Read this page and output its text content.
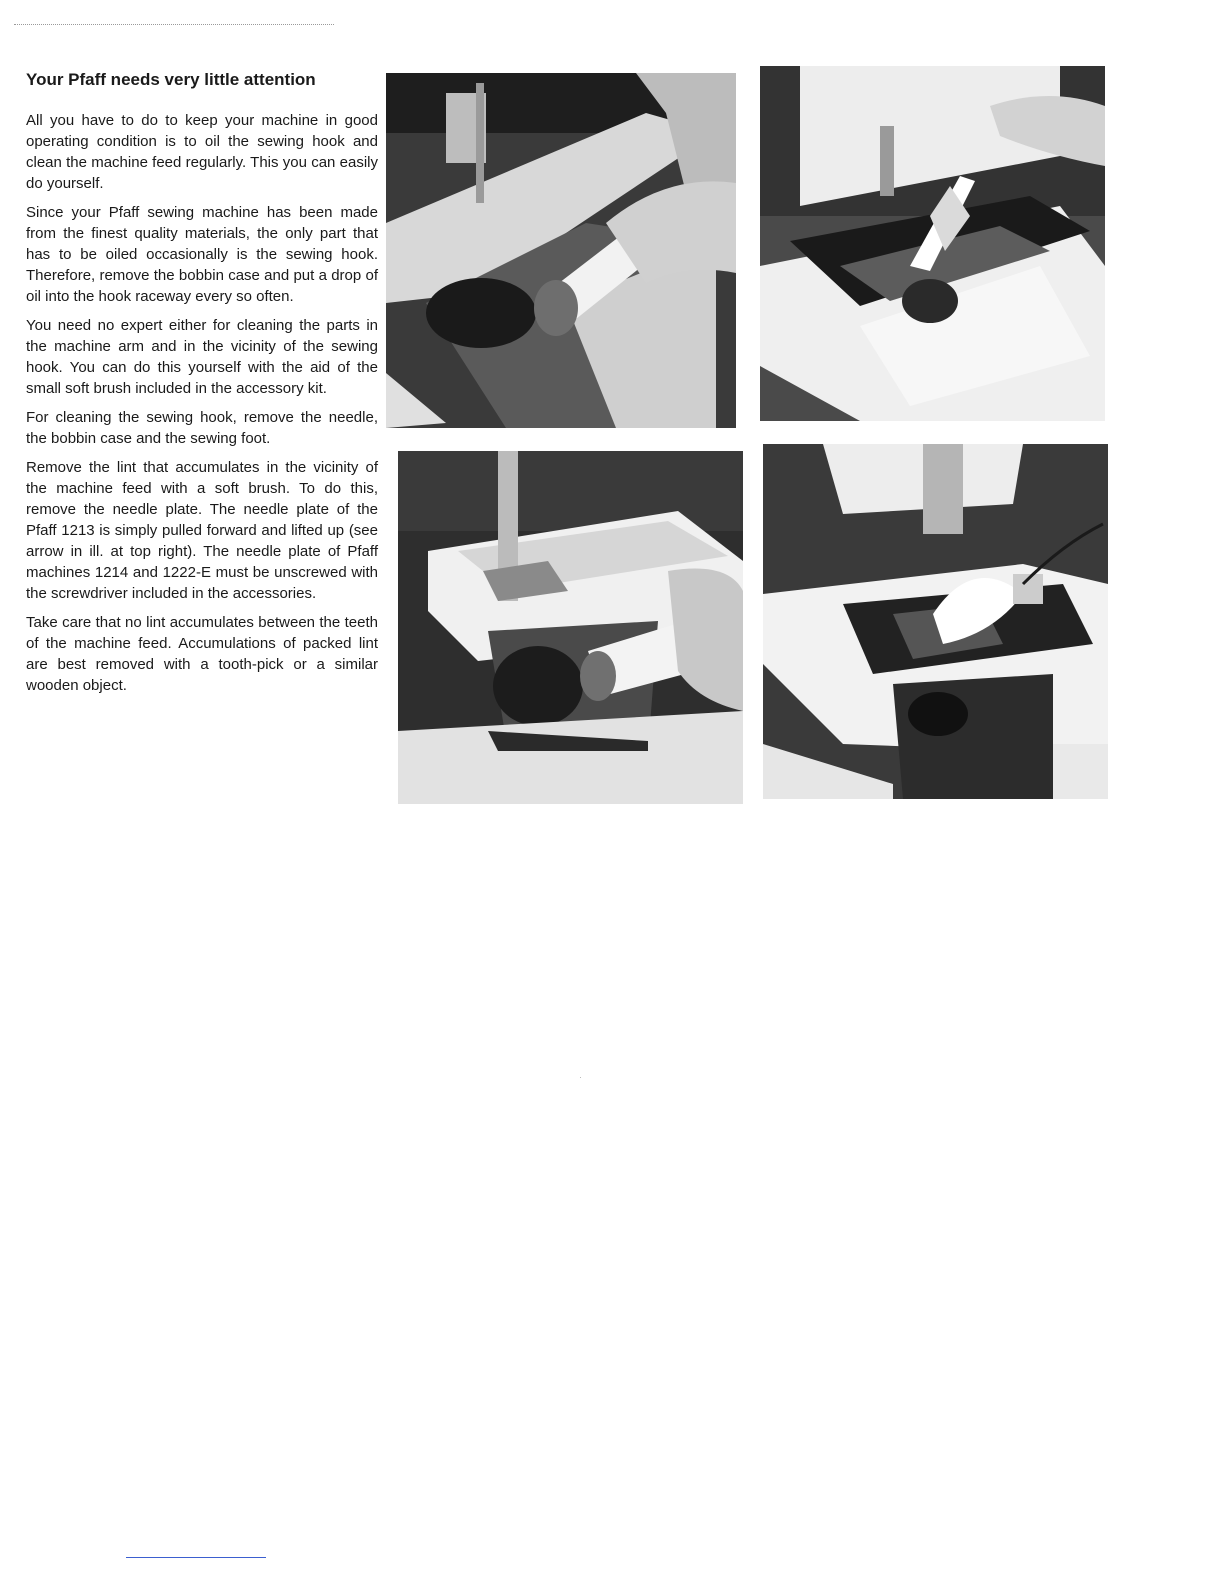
Your Pfaff needs very little attention

All you have to do to keep your machine in good operating condition is to oil the sewing hook and clean the machine feed regularly. This you can easily do yourself.

Since your Pfaff sewing machine has been made from the finest quality materials, the only part that has to be oiled occasionally is the sewing hook. Therefore, remove the bobbin case and put a drop of oil into the hook raceway every so often.

You need no expert either for cleaning the parts in the machine arm and in the vicinity of the sewing hook. You can do this yourself with the aid of the small soft brush included in the accessory kit.

For cleaning the sewing hook, remove the needle, the bobbin case and the sewing foot.

Remove the lint that accumulates in the vicinity of the machine feed with a soft brush. To do this, remove the needle plate. The needle plate of the Pfaff 1213 is simply pulled forward and lifted up (see arrow in ill. at top right). The needle plate of Pfaff machines 1214 and 1222-E must be unscrewed with the screwdriver included in the accessories.

Take care that no lint accumulates between the teeth of the machine feed. Accumulations of packed lint are best removed with a tooth-pick or a similar wooden object.
